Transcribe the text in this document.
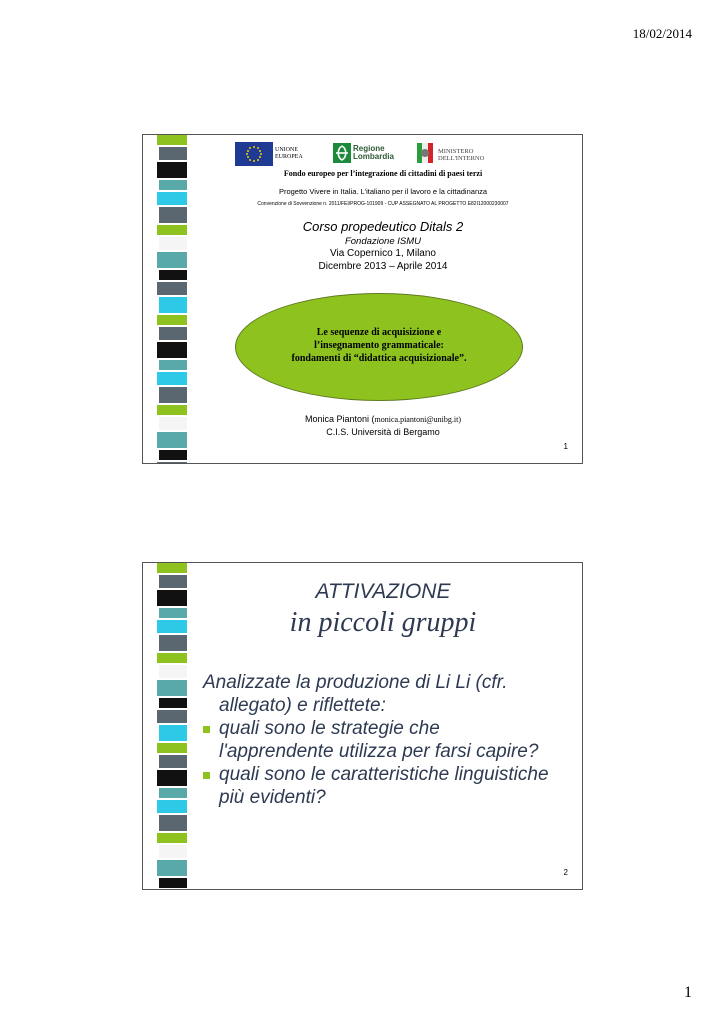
18/02/2014
UNIONE
EUROPEA
Regione
Lombardia
MINISTERO
DELL'INTERNO
Fondo europeo per l’integrazione di cittadini di paesi terzi
Progetto Vivere in Italia. L'italiano per il lavoro e la cittadinanza
Convenzione di Sovvenzione n. 2011/FEI/PROG-101909 - CUP ASSEGNATO AL PROGETTO E82I12000230007
Corso propedeutico Ditals 2
Fondazione ISMU
Via Copernico 1, Milano
Dicembre 2013 – Aprile 2014
Le sequenze di acquisizione e
l’insegnamento grammaticale:
fondamenti di “didattica acquisizionale”.
Monica Piantoni (monica.piantoni@unibg.it)
C.I.S. Università di Bergamo
1
ATTIVAZIONE
in piccoli gruppi

Analizzate la produzione di Li Li (cfr.
allegato) e riflettete:

quali sono le strategie che
l'apprendente utilizza per farsi capire?

quali sono le caratteristiche linguistiche
più evidenti?

2
1
